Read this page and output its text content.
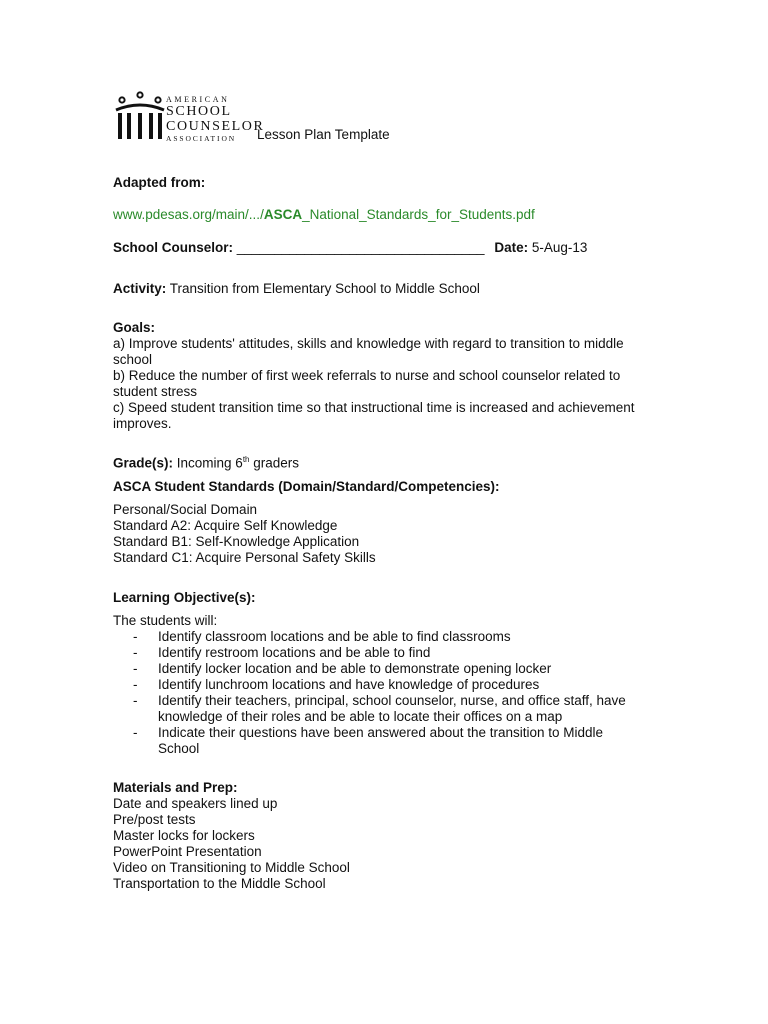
AMERICAN
SCHOOL
COUNSELOR
ASSOCIATION	Lesson Plan Template
Adapted from:
www.pdesas.org/main/.../ASCA_National_Standards_for_Students.pdf
School Counselor: _________________________________ Date: 5-Aug-13
Activity: Transition from Elementary School to Middle School
Goals:
a) Improve students' attitudes, skills and knowledge with regard to transition to middle
school
b) Reduce the number of first week referrals to nurse and school counselor related to
student stress
c) Speed student transition time so that instructional time is increased and achievement
improves.
Grade(s): Incoming 6th graders
ASCA Student Standards (Domain/Standard/Competencies):
Personal/Social Domain
Standard A2: Acquire Self Knowledge
Standard B1: Self-Knowledge Application
Standard C1: Acquire Personal Safety Skills
Learning Objective(s):
The students will:
- Identify classroom locations and be able to find classrooms
- Identify restroom locations and be able to find
- Identify locker location and be able to demonstrate opening locker
- Identify lunchroom locations and have knowledge of procedures
- Identify their teachers, principal, school counselor, nurse, and office staff, have
knowledge of their roles and be able to locate their offices on a map
- Indicate their questions have been answered about the transition to Middle
School
Materials and Prep:
Date and speakers lined up
Pre/post tests
Master locks for lockers
PowerPoint Presentation
Video on Transitioning to Middle School
Transportation to the Middle School
